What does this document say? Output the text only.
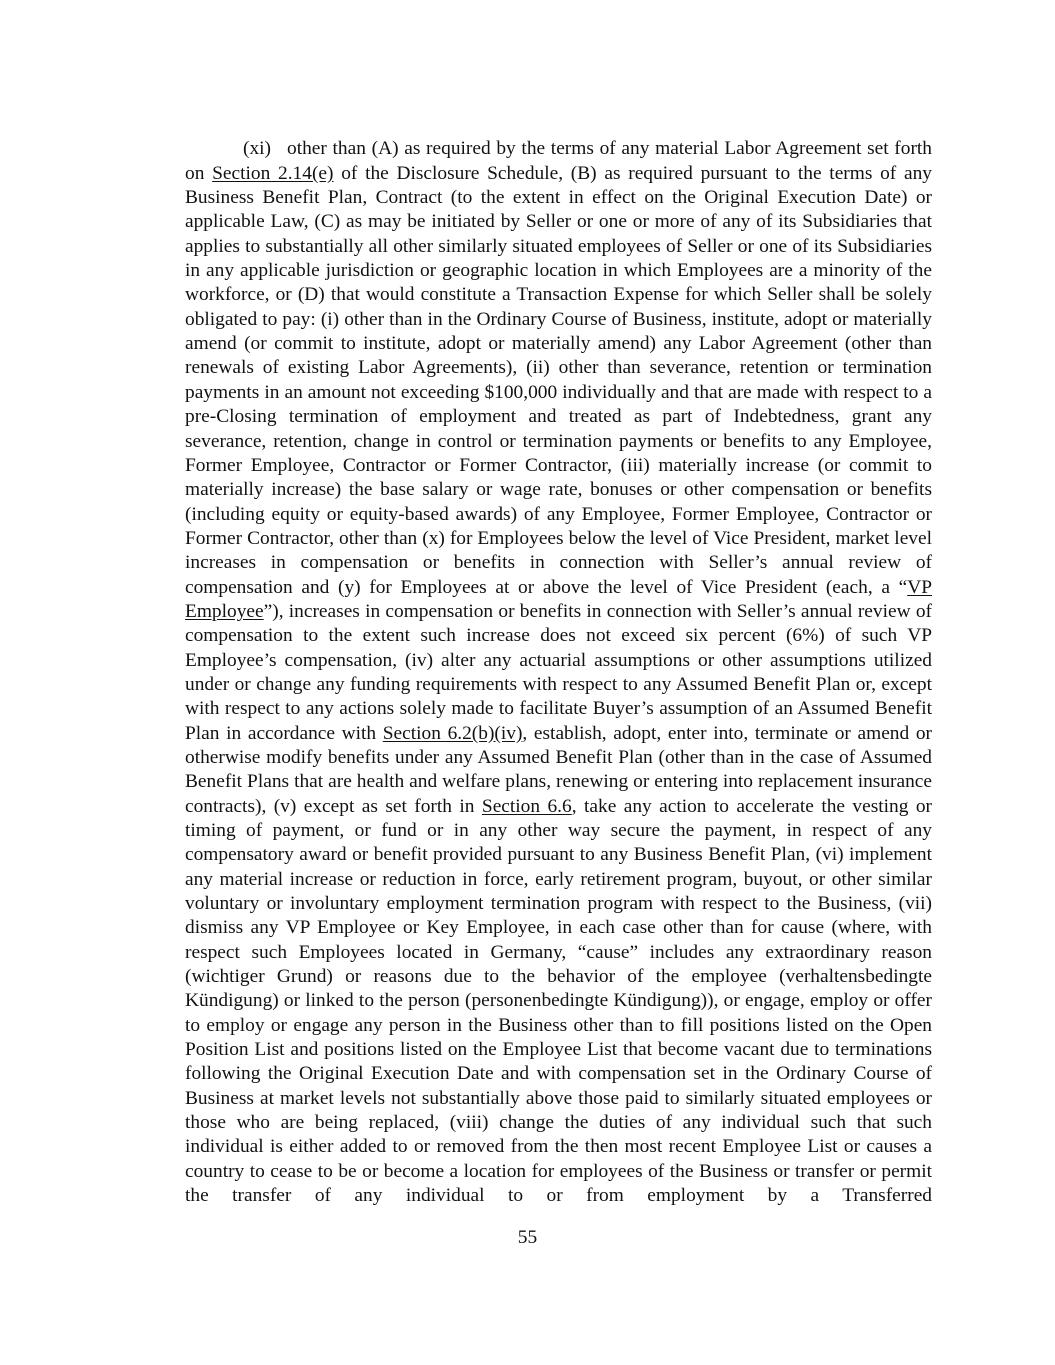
(xi) other than (A) as required by the terms of any material Labor Agreement set forth on Section 2.14(e) of the Disclosure Schedule, (B) as required pursuant to the terms of any Business Benefit Plan, Contract (to the extent in effect on the Original Execution Date) or applicable Law, (C) as may be initiated by Seller or one or more of any of its Subsidiaries that applies to substantially all other similarly situated employees of Seller or one of its Subsidiaries in any applicable jurisdiction or geographic location in which Employees are a minority of the workforce, or (D) that would constitute a Transaction Expense for which Seller shall be solely obligated to pay: (i) other than in the Ordinary Course of Business, institute, adopt or materially amend (or commit to institute, adopt or materially amend) any Labor Agreement (other than renewals of existing Labor Agreements), (ii) other than severance, retention or termination payments in an amount not exceeding $100,000 individually and that are made with respect to a pre-Closing termination of employment and treated as part of Indebtedness, grant any severance, retention, change in control or termination payments or benefits to any Employee, Former Employee, Contractor or Former Contractor, (iii) materially increase (or commit to materially increase) the base salary or wage rate, bonuses or other compensation or benefits (including equity or equity-based awards) of any Employee, Former Employee, Contractor or Former Contractor, other than (x) for Employees below the level of Vice President, market level increases in compensation or benefits in connection with Seller’s annual review of compensation and (y) for Employees at or above the level of Vice President (each, a “VP Employee”), increases in compensation or benefits in connection with Seller’s annual review of compensation to the extent such increase does not exceed six percent (6%) of such VP Employee’s compensation, (iv) alter any actuarial assumptions or other assumptions utilized under or change any funding requirements with respect to any Assumed Benefit Plan or, except with respect to any actions solely made to facilitate Buyer’s assumption of an Assumed Benefit Plan in accordance with Section 6.2(b)(iv), establish, adopt, enter into, terminate or amend or otherwise modify benefits under any Assumed Benefit Plan (other than in the case of Assumed Benefit Plans that are health and welfare plans, renewing or entering into replacement insurance contracts), (v) except as set forth in Section 6.6, take any action to accelerate the vesting or timing of payment, or fund or in any other way secure the payment, in respect of any compensatory award or benefit provided pursuant to any Business Benefit Plan, (vi) implement any material increase or reduction in force, early retirement program, buyout, or other similar voluntary or involuntary employment termination program with respect to the Business, (vii) dismiss any VP Employee or Key Employee, in each case other than for cause (where, with respect such Employees located in Germany, “cause” includes any extraordinary reason (wichtiger Grund) or reasons due to the behavior of the employee (verhaltensbedingte Kündigung) or linked to the person (personenbedingte Kündigung)), or engage, employ or offer to employ or engage any person in the Business other than to fill positions listed on the Open Position List and positions listed on the Employee List that become vacant due to terminations following the Original Execution Date and with compensation set in the Ordinary Course of Business at market levels not substantially above those paid to similarly situated employees or those who are being replaced, (viii) change the duties of any individual such that such individual is either added to or removed from the then most recent Employee List or causes a country to cease to be or become a location for employees of the Business or transfer or permit the transfer of any individual to or from employment by a Transferred

55
